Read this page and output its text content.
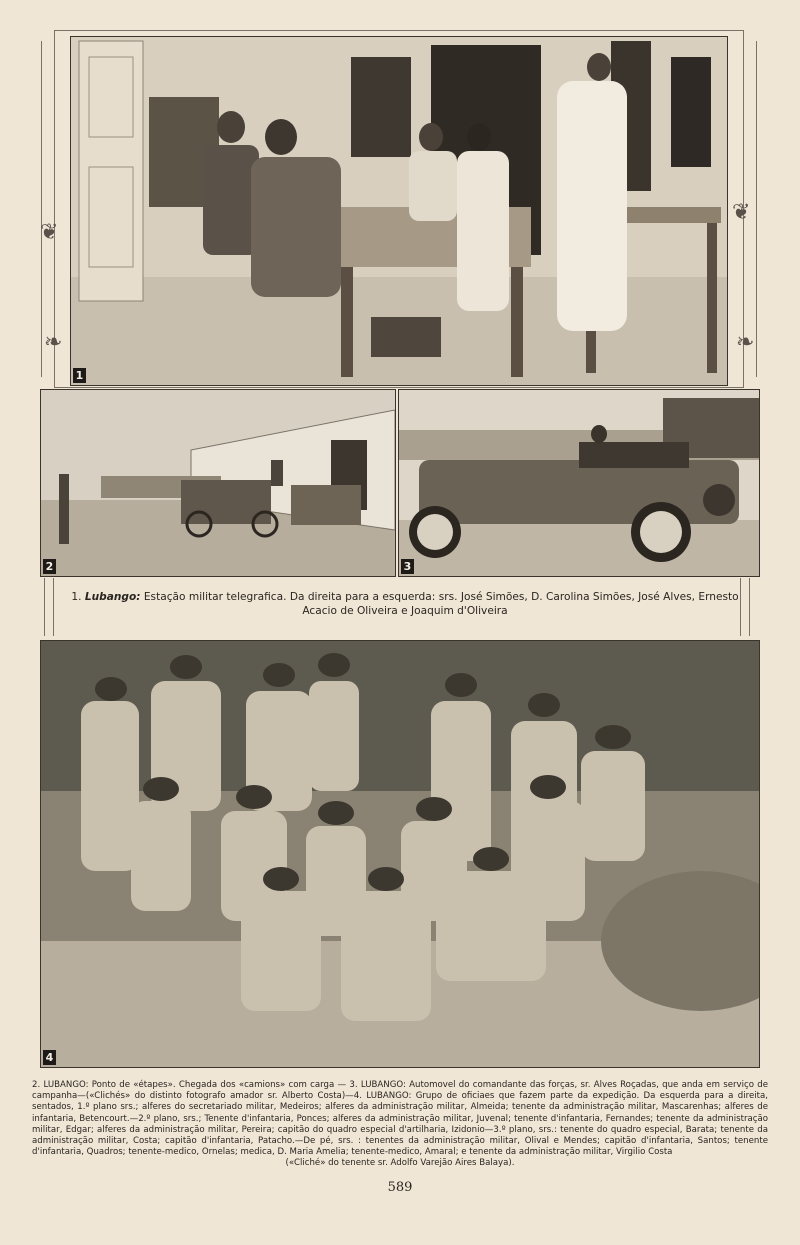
❦
❧
❦
❧
1
2	3
1. Lubango: Estação militar telegrafica. Da direita para a esquerda: srs. José Simões, D. Carolina Simões, José Alves, Ernesto Acacio de Oliveira e Joaquim d'Oliveira
4
2. LUBANGO: Ponto de «étapes». Chegada dos «camions» com carga — 3. LUBANGO: Automovel do comandante das forças, sr. Alves Roçadas, que anda em serviço de campanha—(«Clichés» do distinto fotografo amador sr. Alberto Costa)—4. LUBANGO: Grupo de oficiaes que fazem parte da expedição. Da esquerda para a direita, sentados, 1.º plano srs.; alferes do secretariado militar, Medeiros; alferes da administração militar, Almeida; tenente da administração militar, Mascarenhas; alferes de infantaria, Betencourt.—2.º plano, srs.; Tenente d'infantaria, Ponces; alferes da administração militar, Juvenal; tenente d'infantaria, Fernandes; tenente da administração militar, Edgar; alferes da administração militar, Pereira; capitão do quadro especial d'artilharia, Izidonio—3.º plano, srs.: tenente do quadro especial, Barata; tenente da administração militar, Costa; capitão d'infantaria, Patacho.—De pé, srs. : tenentes da administração militar, Olival e Mendes; capitão d'infantaria, Santos; tenente d'infantaria, Quadros; tenente-medico, Ornelas; medica, D. Maria Amelia; tenente-medico, Amaral; e tenente da administração militar, Virgilio Costa
(«Cliché» do tenente sr. Adolfo Varejão Aires Balaya).
589
